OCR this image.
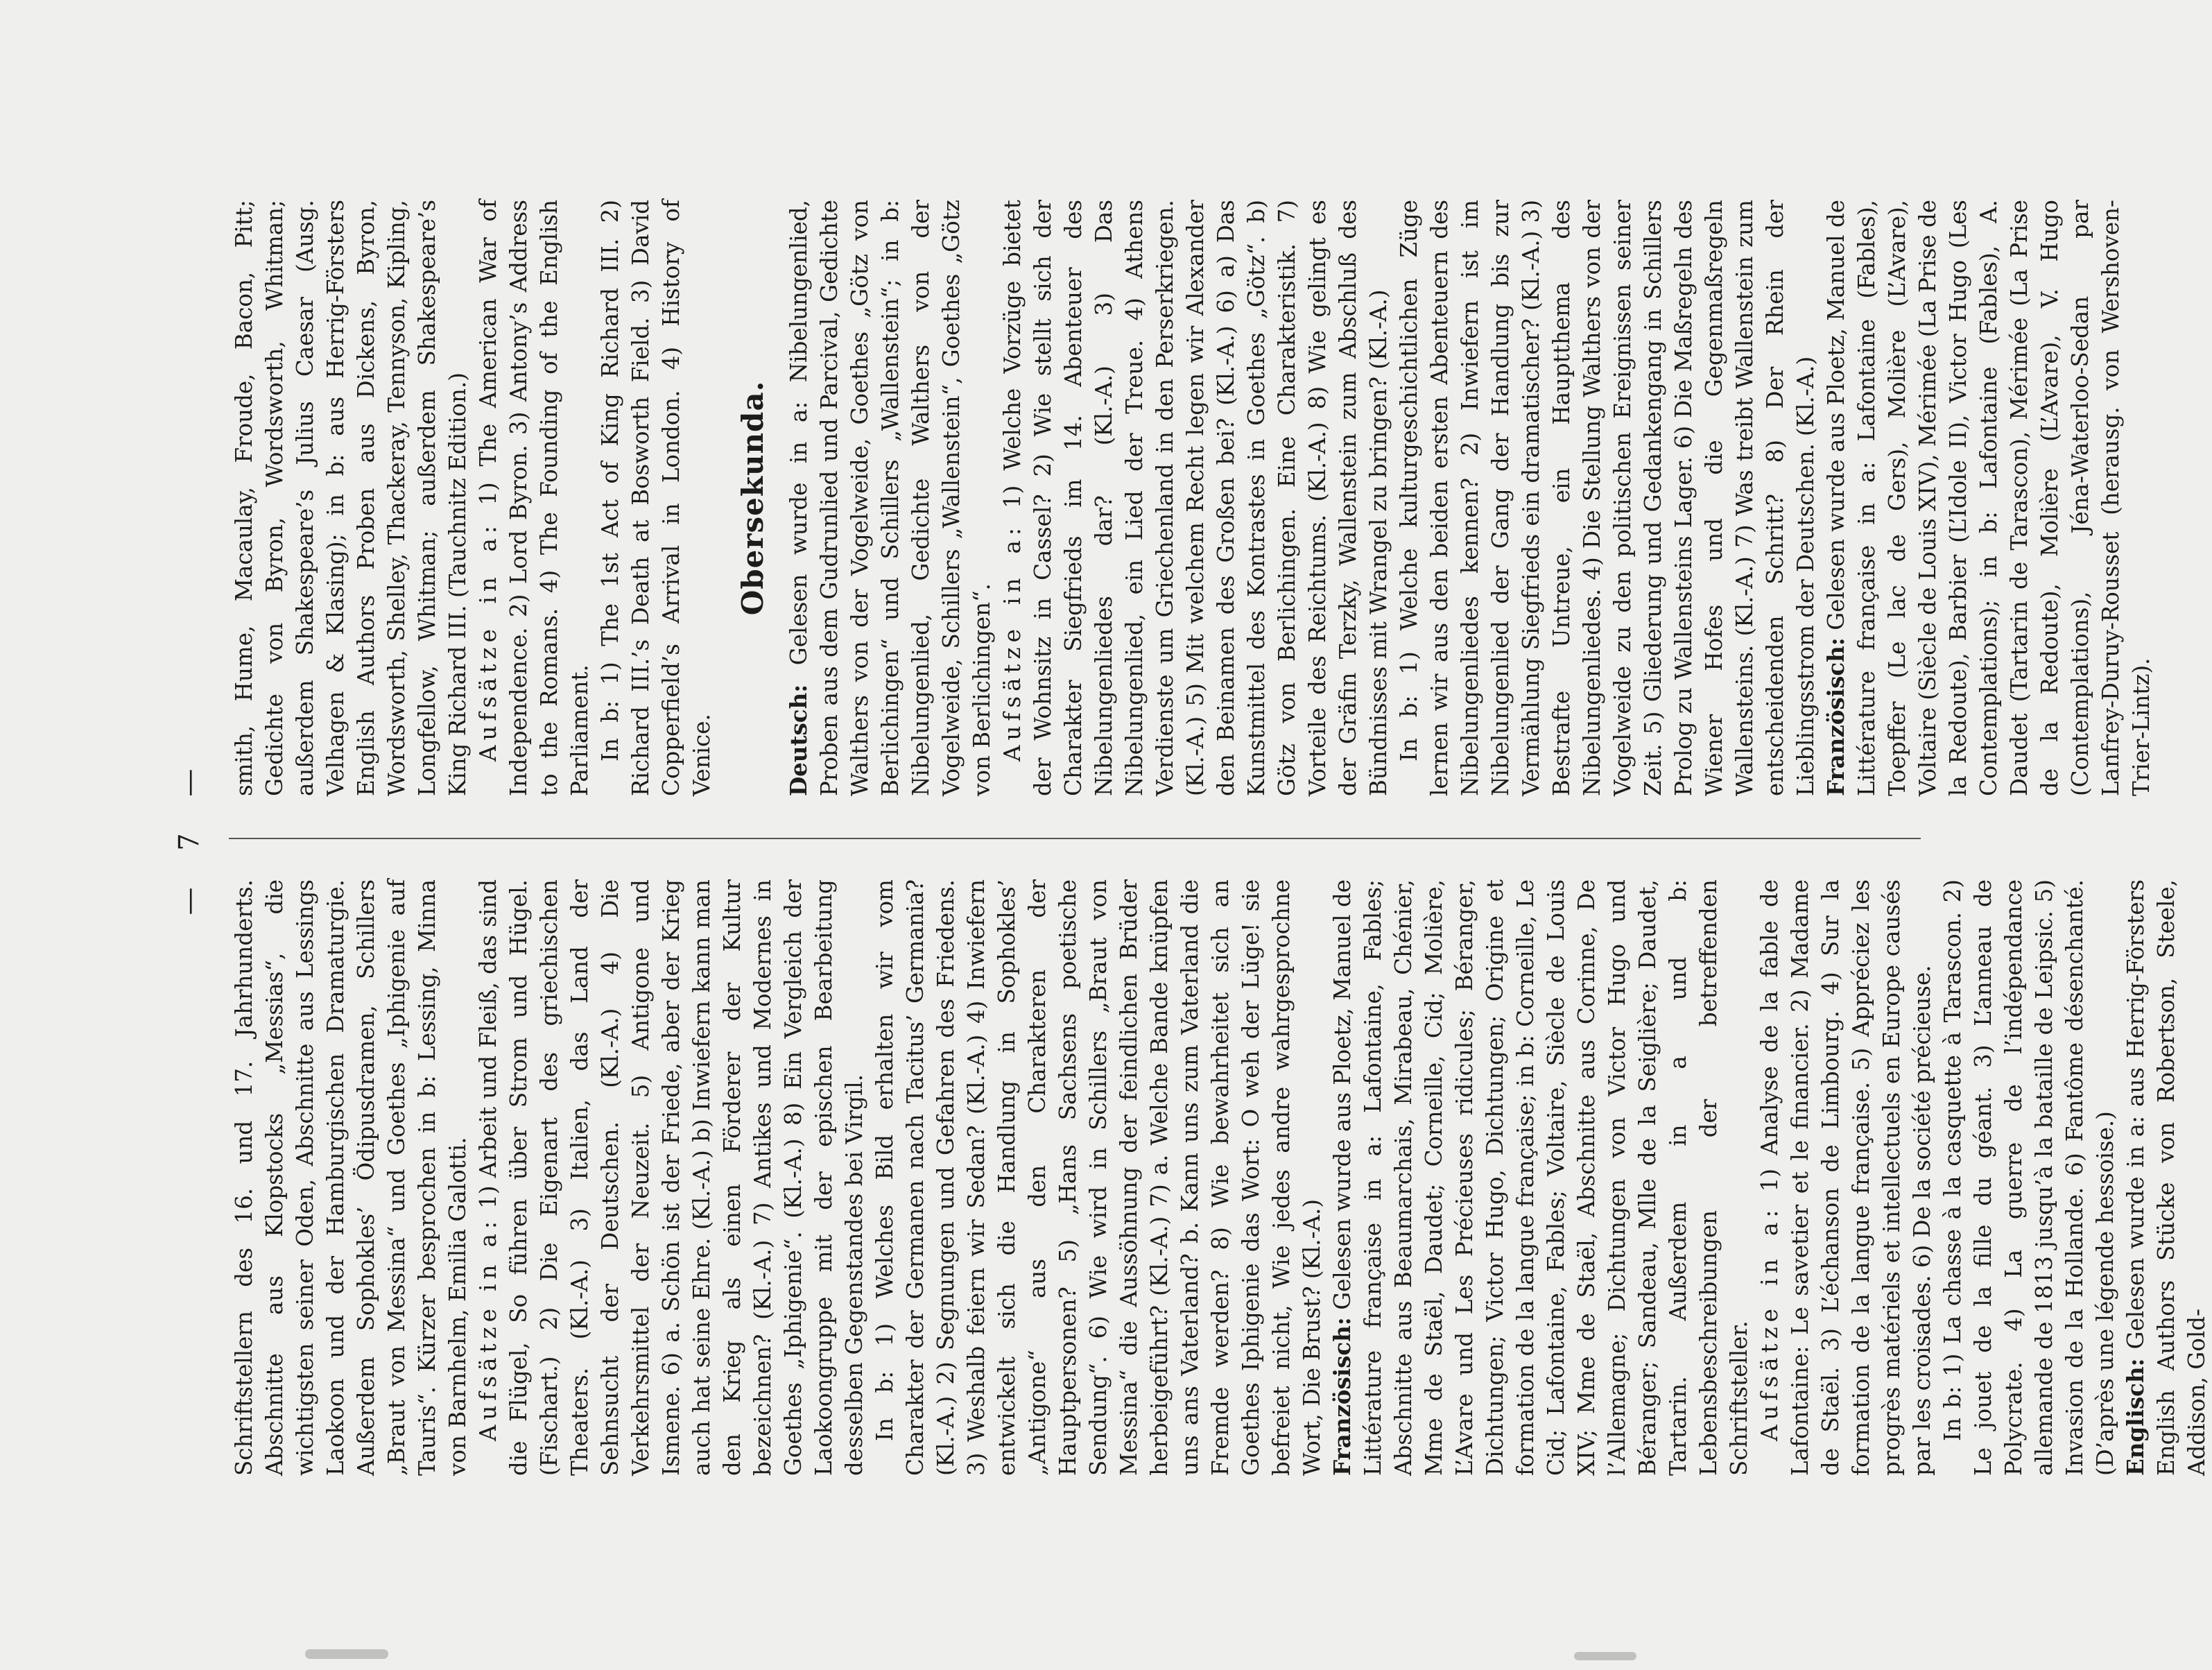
— 7 —

Schriftstellern des 16. und 17. Jahrhunderts. Abschnitte aus Klopstocks „Messias“, die wichtigsten seiner Oden, Abschnitte aus Lessings Laokoon und der Hamburgischen Dramaturgie. Außerdem Sophokles’ Ödipusdramen, Schillers „Braut von Messina“ und Goethes „Iphigenie auf Tauris“. Kürzer besprochen in b: Lessing, Minna von Barnhelm, Emilia Galotti. Aufsätze in a: 1) Arbeit und Fleiß, das sind die Flügel, So führen über Strom und Hügel. (Fischart.) 2) Die Eigenart des griechischen Theaters. (Kl.-A.) 3) Italien, das Land der Sehnsucht der Deutschen. (Kl.-A.) 4) Die Verkehrsmittel der Neuzeit. 5) Antigone und Ismene. 6) a. Schön ist der Friede, aber der Krieg auch hat seine Ehre. (Kl.-A.) b) Inwiefern kann man den Krieg als einen Förderer der Kultur bezeichnen? (Kl.-A.) 7) Antikes und Modernes in Goethes „Iphigenie“. (Kl.-A.) 8) Ein Vergleich der Laokoongruppe mit der epischen Bearbeitung desselben Gegenstandes bei Virgil. In b: 1) Welches Bild erhalten wir vom Charakter der Germanen nach Tacitus’ Germania? (Kl.-A.) 2) Segnungen und Gefahren des Friedens. 3) Weshalb feiern wir Sedan? (Kl.-A.) 4) Inwiefern entwickelt sich die Handlung in Sophokles’ „Antigone“ aus den Charakteren der Hauptpersonen? 5) „Hans Sachsens poetische Sendung“. 6) Wie wird in Schillers „Braut von Messina“ die Aussöhnung der feindlichen Brüder herbeigeführt? (Kl.-A.) 7) a. Welche Bande knüpfen uns ans Vaterland? b. Kann uns zum Vaterland die Fremde werden? 8) Wie bewahrheitet sich an Goethes Iphigenie das Wort: O weh der Lüge! sie befreiet nicht, Wie jedes andre wahrgesprochne Wort, Die Brust? (Kl.-A.) Französisch: Gelesen wurde aus Ploetz, Manuel de Littérature française in a: Lafontaine, Fables; Abschnitte aus Beaumarchais, Mirabeau, Chénier, Mme de Staël, Daudet; Corneille, Cid; Molière, L’Avare und Les Précieuses ridicules; Béranger, Dichtungen; Victor Hugo, Dichtungen; Origine et formation de la langue française; in b: Corneille, Le Cid; Lafontaine, Fables; Voltaire, Siècle de Louis XIV; Mme de Staël, Abschnitte aus Corinne, De l’Allemagne; Dichtungen von Victor Hugo und Béranger; Sandeau, Mlle de la Seiglière; Daudet, Tartarin. Außerdem in a und b: Lebensbeschreibungen der betreffenden Schriftsteller. Aufsätze in a: 1) Analyse de la fable de Lafontaine: Le savetier et le financier. 2) Madame de Staël. 3) L’échanson de Limbourg. 4) Sur la formation de la langue française. 5) Appréciez les progrès matériels et intellectuels en Europe causés par les croisades. 6) De la société précieuse. In b: 1) La chasse à la casquette à Tarascon. 2) Le jouet de la fille du géant. 3) L’anneau de Polycrate. 4) La guerre de l’indépendance allemande de 1813 jusqu’à la bataille de Leipsic. 5) Invasion de la Hollande. 6) Fantôme désenchanté. (D’après une légende hessoise.) Englisch: Gelesen wurde in a: aus Herrig-Försters English Authors Stücke von Robertson, Steele, Addison, Gold-

smith, Hume, Macaulay, Froude, Bacon, Pitt; Gedichte von Byron, Wordsworth, Whitman; außerdem Shakespeare’s Julius Caesar (Ausg. Velhagen & Klasing); in b: aus Herrig-Försters English Authors Proben aus Dickens, Byron, Wordsworth, Shelley, Thackeray, Tennyson, Kipling, Longfellow, Whitman; außerdem Shakespeare’s King Richard III. (Tauchnitz Edition.) Aufsätze in a: 1) The American War of Independence. 2) Lord Byron. 3) Antony’s Address to the Romans. 4) The Founding of the English Parliament. In b: 1) The 1st Act of King Richard III. 2) Richard III.’s Death at Bosworth Field. 3) David Copperfield’s Arrival in London. 4) History of Venice.

Obersekunda.

Deutsch: Gelesen wurde in a: Nibelungenlied, Proben aus dem Gudrunlied und Parcival, Gedichte Walthers von der Vogelweide, Goethes „Götz von Berlichingen“ und Schillers „Wallenstein“; in b: Nibelungenlied, Gedichte Walthers von der Vogelweide, Schillers „Wallenstein“, Goethes „Götz von Berlichingen“. Aufsätze in a: 1) Welche Vorzüge bietet der Wohnsitz in Cassel? 2) Wie stellt sich der Charakter Siegfrieds im 14. Abenteuer des Nibelungenliedes dar? (Kl.-A.) 3) Das Nibelungenlied, ein Lied der Treue. 4) Athens Verdienste um Griechenland in den Perserkriegen. (Kl.-A.) 5) Mit welchem Recht legen wir Alexander den Beinamen des Großen bei? (Kl.-A.) 6) a) Das Kunstmittel des Kontrastes in Goethes „Götz“. b) Götz von Berlichingen. Eine Charakteristik. 7) Vorteile des Reichtums. (Kl.-A.) 8) Wie gelingt es der Gräfin Terzky, Wallenstein zum Abschluß des Bündnisses mit Wrangel zu bringen? (Kl.-A.) In b: 1) Welche kulturgeschichtlichen Züge lernen wir aus den beiden ersten Abenteuern des Nibelungenliedes kennen? 2) Inwiefern ist im Nibelungenlied der Gang der Handlung bis zur Vermählung Siegfrieds ein dramatischer? (Kl.-A.) 3) Bestrafte Untreue, ein Hauptthema des Nibelungenliedes. 4) Die Stellung Walthers von der Vogelweide zu den politischen Ereignissen seiner Zeit. 5) Gliederung und Gedankengang in Schillers Prolog zu Wallensteins Lager. 6) Die Maßregeln des Wiener Hofes und die Gegenmaßregeln Wallensteins. (Kl.-A.) 7) Was treibt Wallenstein zum entscheidenden Schritt? 8) Der Rhein der Lieblingsstrom der Deutschen. (Kl.-A.) Französisch: Gelesen wurde aus Ploetz, Manuel de Littérature française in a: Lafontaine (Fables), Toepffer (Le lac de Gers), Molière (L’Avare), Voltaire (Siècle de Louis XIV), Mérimée (La Prise de la Redoute), Barbier (L’Idole II), Victor Hugo (Les Contemplations); in b: Lafontaine (Fables), A. Daudet (Tartarin de Tarascon), Mérimée (La Prise de la Redoute), Molière (L’Avare), V. Hugo (Contemplations), Jéna-Waterloo-Sedan par Lanfrey-Duruy-Rousset (herausg. von Wershoven-Trier-Lintz).
